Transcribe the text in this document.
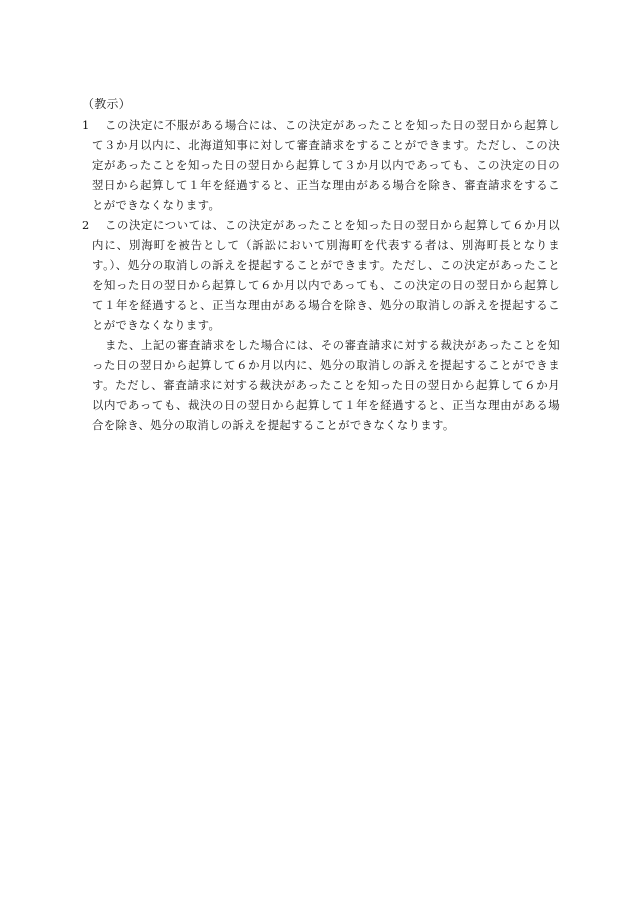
（教示）
1	この決定に不服がある場合には、この決定があったことを知った日の翌日から起算して３か月以内に、北海道知事に対して審査請求をすることができます。ただし、この決定があったことを知った日の翌日から起算して３か月以内であっても、この決定の日の翌日から起算して１年を経過すると、正当な理由がある場合を除き、審査請求をすることができなくなります。
2	この決定については、この決定があったことを知った日の翌日から起算して６か月以内に、別海町を被告として（訴訟において別海町を代表する者は、別海町長となります。）、処分の取消しの訴えを提起することができます。ただし、この決定があったことを知った日の翌日から起算して６か月以内であっても、この決定の日の翌日から起算して１年を経過すると、正当な理由がある場合を除き、処分の取消しの訴えを提起することができなくなります。
また、上記の審査請求をした場合には、その審査請求に対する裁決があったことを知った日の翌日から起算して６か月以内に、処分の取消しの訴えを提起することができます。ただし、審査請求に対する裁決があったことを知った日の翌日から起算して６か月以内であっても、裁決の日の翌日から起算して１年を経過すると、正当な理由がある場合を除き、処分の取消しの訴えを提起することができなくなります。
